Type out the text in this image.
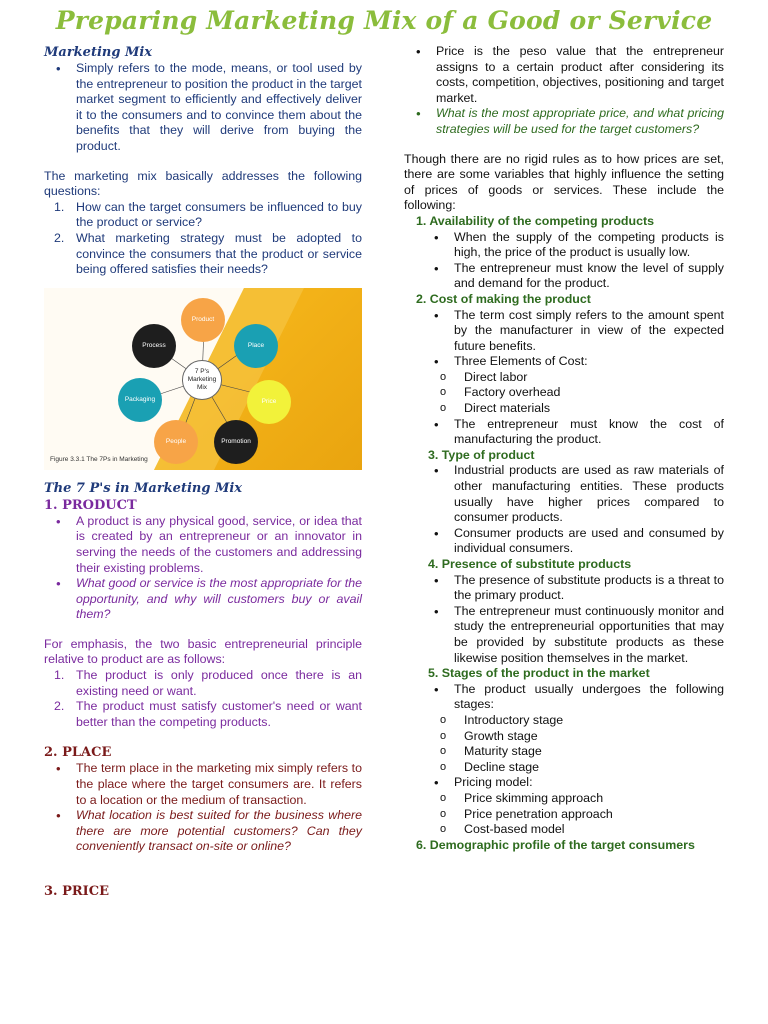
Preparing Marketing Mix of a Good or Service
Marketing Mix
• Simply refers to the mode, means, or tool used by the entrepreneur to position the product in the target market segment to efficiently and effectively deliver it to the consumers and to convince them about the benefits that they will derive from buying the product.
The marketing mix basically addresses the following questions:
1. How can the target consumers be influenced to buy the product or service?
2. What marketing strategy must be adopted to convince the consumers that the product or service being offered satisfies their needs?
7 P's Marketing Mix
Product
Place
Price
Promotion
People
Packaging
Process
Figure 3.3.1 The 7Ps in Marketing
The 7 P's in Marketing Mix
1. PRODUCT
• A product is any physical good, service, or idea that is created by an entrepreneur or an innovator in serving the needs of the customers and addressing their existing problems.
• What good or service is the most appropriate for the opportunity, and why will customers buy or avail them?
For emphasis, the two basic entrepreneurial principle relative to product are as follows:
1. The product is only produced once there is an existing need or want.
2. The product must satisfy customer's need or want better than the competing products.
2. PLACE
• The term place in the marketing mix simply refers to the place where the target consumers are. It refers to a location or the medium of transaction.
• What location is best suited for the business where there are more potential customers? Can they conveniently transact on-site or online?
3. PRICE
• Price is the peso value that the entrepreneur assigns to a certain product after considering its costs, competition, objectives, positioning and target market.
• What is the most appropriate price, and what pricing strategies will be used for the target customers?
Though there are no rigid rules as to how prices are set, there are some variables that highly influence the setting of prices of goods or services. These include the following:
1. Availability of the competing products
• When the supply of the competing products is high, the price of the product is usually low.
• The entrepreneur must know the level of supply and demand for the product.
2. Cost of making the product
• The term cost simply refers to the amount spent by the manufacturer in view of the expected future benefits.
• Three Elements of Cost:
o Direct labor
o Factory overhead
o Direct materials
• The entrepreneur must know the cost of manufacturing the product.
3. Type of product
• Industrial products are used as raw materials of other manufacturing entities. These products usually have higher prices compared to consumer products.
• Consumer products are used and consumed by individual consumers.
4. Presence of substitute products
• The presence of substitute products is a threat to the primary product.
• The entrepreneur must continuously monitor and study the entrepreneurial opportunities that may be provided by substitute products as these likewise position themselves in the market.
5. Stages of the product in the market
• The product usually undergoes the following stages:
o Introductory stage
o Growth stage
o Maturity stage
o Decline stage
• Pricing model:
o Price skimming approach
o Price penetration approach
o Cost-based model
6. Demographic profile of the target consumers
